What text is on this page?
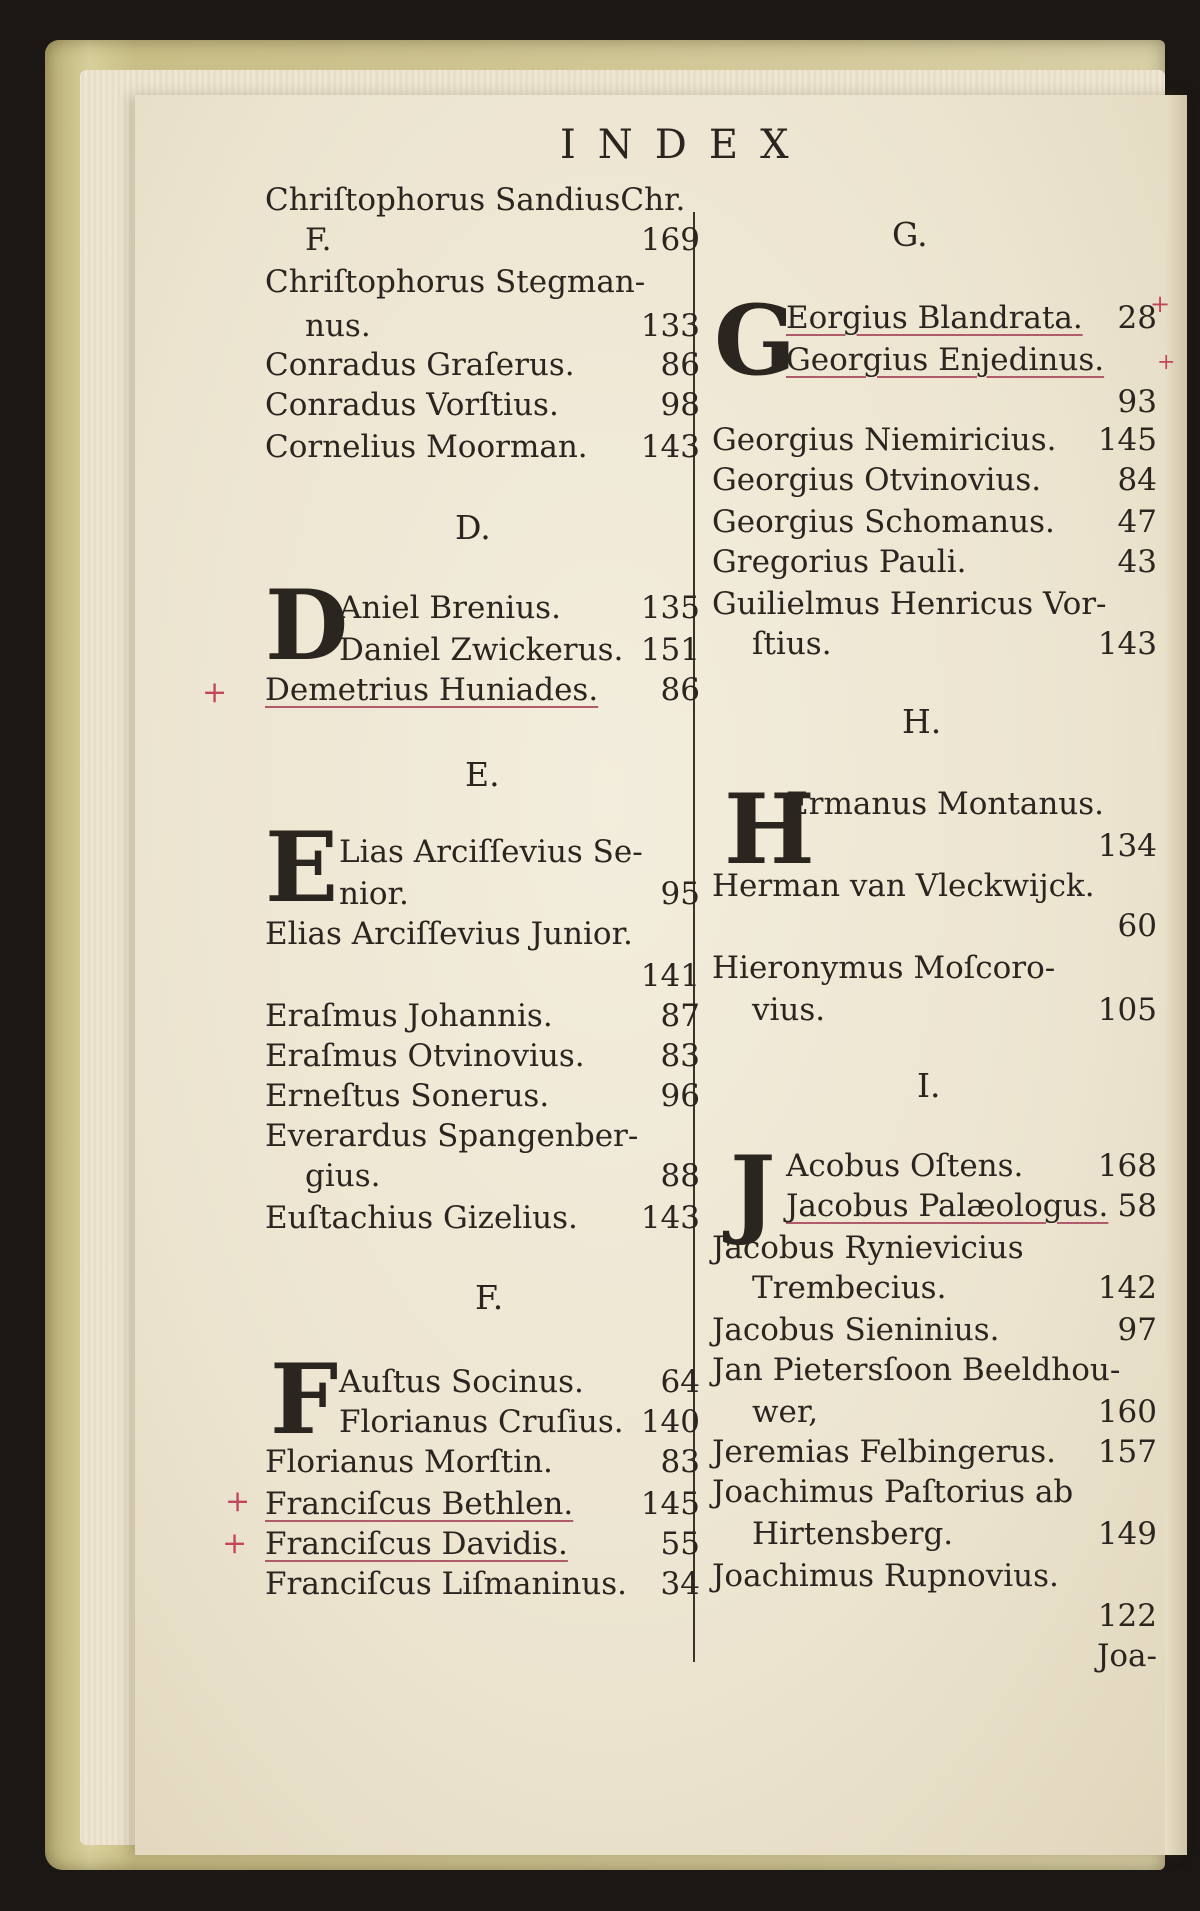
INDEX
Chriſtophorus SandiusChr.
F.	169
Chriſtophorus Stegman-
nus.	133
Conradus Graſerus.	86
Conradus Vorſtius.	98
Cornelius Moorman. 143
D.
D
Aniel Brenius.	135
Daniel Zwickerus. 151
Demetrius Huniades. 86
E.
E Lias Arciſſevius Se-
nior.	95
Elias Arciſſevius Junior.
141
Eraſmus Johannis.	87
Eraſmus Otvinovius. 83
Erneſtus Sonerus.	96
Everardus Spangenber-
gius.	88
Euſtachius Gizelius. 143
F.
F Auſtus Socinus. 64
Florianus Cruſius. 140
Florianus Morſtin.	83
Franciſcus Bethlen. 145
Franciſcus Davidis.	55
Franciſcus Liſmaninus. 34
G.
G
Eorgius Blandrata. 28
Georgius Enjedinus.
93
Georgius Niemiricius. 145
Georgius Otvinovius. 84
Georgius Schomanus. 47
Gregorius Pauli.	43
Guilielmus Henricus Vor-
ſtius.	143
H.
H
Ermanus Montanus.
134
Herman van Vleckwijck.
60
Hieronymus Moſcoro-
vius.	105
I.
J Acobus Oſtens. 168
Jacobus Palæologus. 58
Jacobus Rynievicius
Trembecius.	142
Jacobus Sieninius.	97
Jan Pietersſoon Beeldhou-
wer,	160
Jeremias Felbingerus. 157
Joachimus Paſtorius ab
Hirtensberg.	149
Joachimus Rupnovius.
122
Joa-
+
+
+
+
+
